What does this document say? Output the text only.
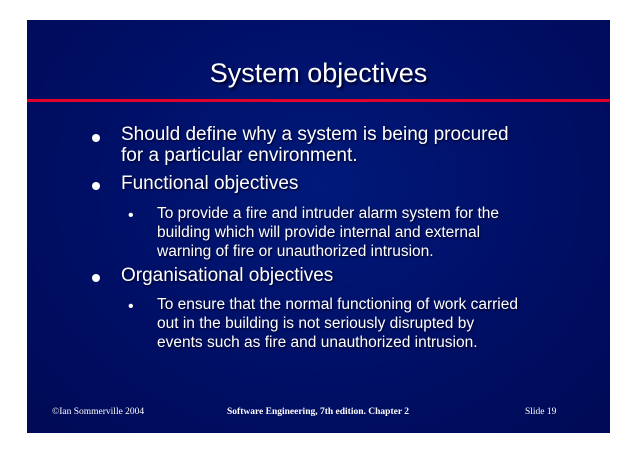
System objectives
Should define why a system is being procured
for a particular environment.
Functional objectives
• To provide a fire and intruder alarm system for the
building which will provide internal and external
warning of fire or unauthorized intrusion.
Organisational objectives
• To ensure that the normal functioning of work carried
out in the building is not seriously disrupted by
events such as fire and unauthorized intrusion.
©Ian Sommerville 2004	Software Engineering, 7th edition. Chapter 2	Slide 19
